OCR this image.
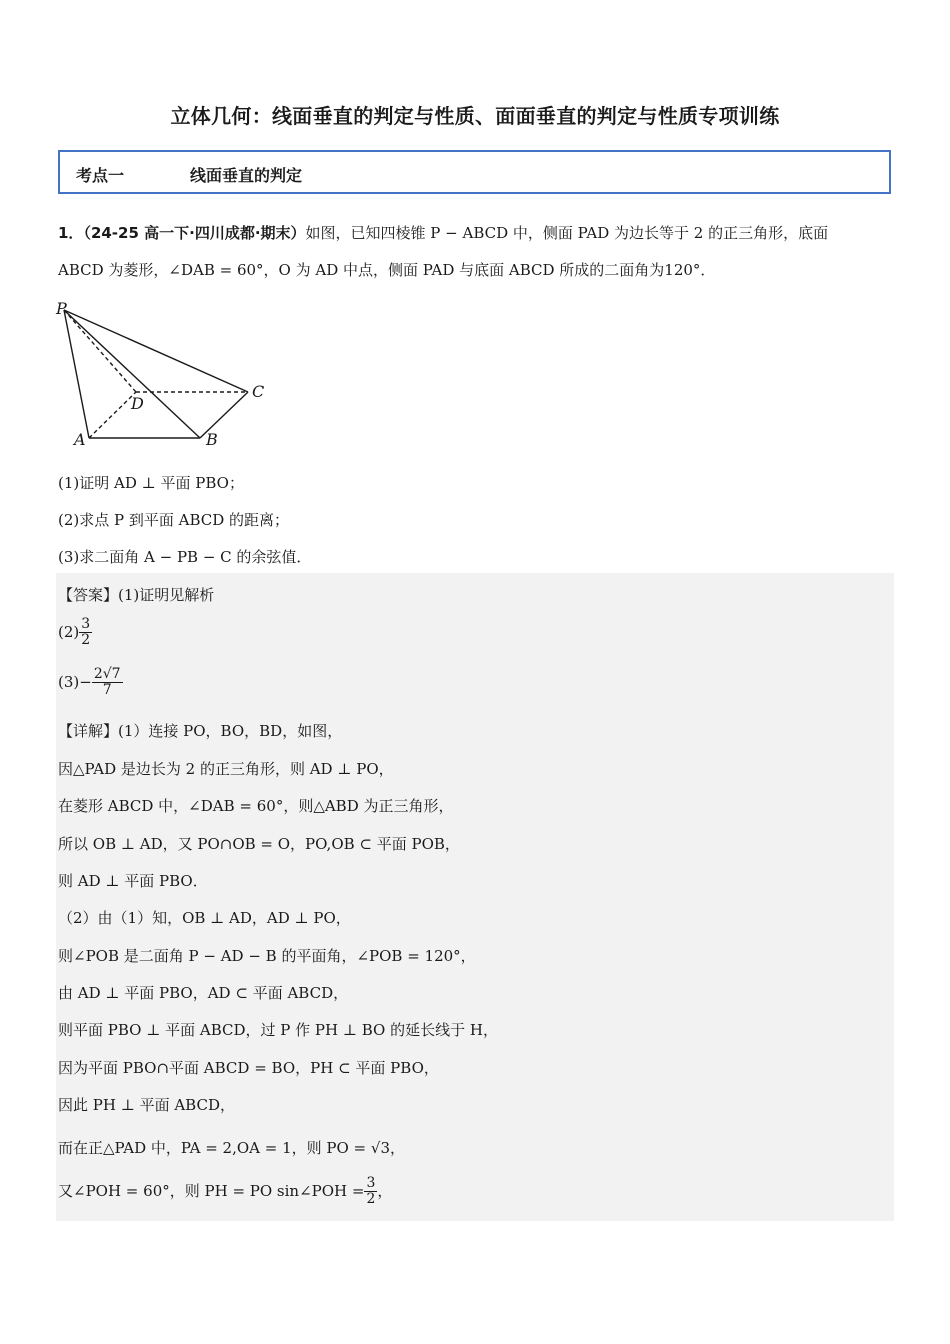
立体几何：线面垂直的判定与性质、面面垂直的判定与性质专项训练
考点一	线面垂直的判定
1．（24-25 高一下·四川成都·期末）如图，已知四棱锥 P − ABCD 中，侧面 PAD 为边长等于 2 的正三角形，底面
ABCD 为菱形，∠DAB = 60°，O 为 AD 中点，侧面 PAD 与底面 ABCD 所成的二面角为120°．
P
D
C
A	B
(1)证明 AD ⊥ 平面 PBO；
(2)求点 P 到平面 ABCD 的距离；
(3)求二面角 A − PB − C 的余弦值．
【答案】(1)证明见解析
$(2) \frac{3}{2}$
$(3)- \frac{2√7}{7}$
【详解】(1）连接 PO，BO，BD，如图，
因△PAD 是边长为 2 的正三角形，则 AD ⊥ PO，
在菱形 ABCD 中，∠DAB = 60°，则△ABD 为正三角形，
所以 OB ⊥ AD，又 PO∩OB = O，PO,OB ⊂ 平面 POB，
则 AD ⊥ 平面 PBO．
（2）由（1）知，OB ⊥ AD，AD ⊥ PO，
则∠POB 是二面角 P − AD − B 的平面角，∠POB = 120°，
由 AD ⊥ 平面 PBO，AD ⊂ 平面 ABCD，
则平面 PBO ⊥ 平面 ABCD，过 P 作 PH ⊥ BO 的延长线于 H，
因为平面 PBO∩平面 ABCD = BO，PH ⊂ 平面 PBO，
因此 PH ⊥ 平面 ABCD，
而在正△PAD 中，PA = 2,OA = 1，则 PO = √3，
又∠POH = 60°，则 PH = PO sin∠POH = $\frac{3}{2}$ ，
